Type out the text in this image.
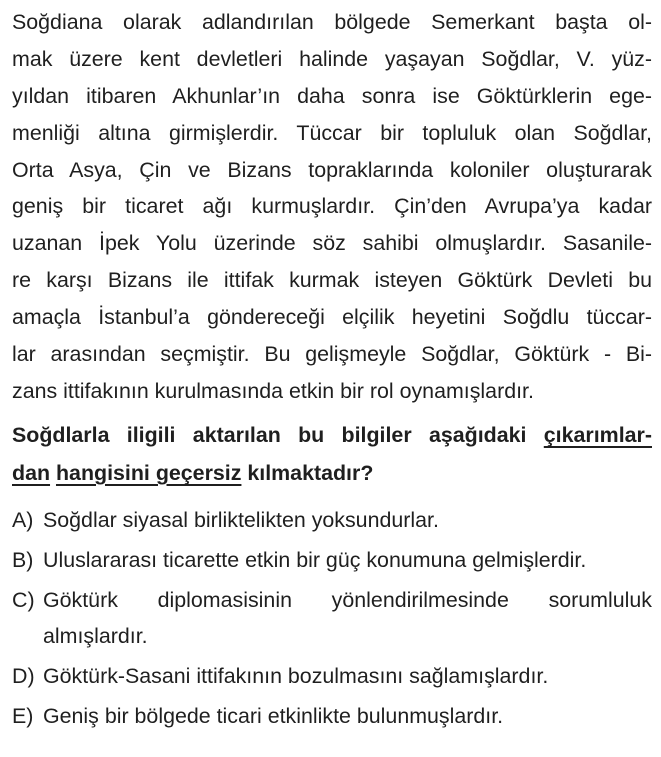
Soğdiana olarak adlandırılan bölgede Semerkant başta ol-
mak üzere kent devletleri halinde yaşayan Soğdlar, V. yüz-
yıldan itibaren Akhunlar’ın daha sonra ise Göktürklerin ege-
menliği altına girmişlerdir. Tüccar bir topluluk olan Soğdlar,
Orta Asya, Çin ve Bizans topraklarında koloniler oluşturarak
geniş bir ticaret ağı kurmuşlardır. Çin’den Avrupa’ya kadar
uzanan İpek Yolu üzerinde söz sahibi olmuşlardır. Sasanile-
re karşı Bizans ile ittifak kurmak isteyen Göktürk Devleti bu
amaçla İstanbul’a göndereceği elçilik heyetini Soğdlu tüccar-
lar arasından seçmiştir. Bu gelişmeyle Soğdlar, Göktürk - Bi-
zans ittifakının kurulmasında etkin bir rol oynamışlardır.
Soğdlarla iligili aktarılan bu bilgiler aşağıdaki çıkarımlar-
dan hangisini geçersiz kılmaktadır?
A) Soğdlar siyasal birliktelikten yoksundurlar.
B) Uluslararası ticarette etkin bir güç konumuna gelmişlerdir.
C) Göktürk diplomasisinin yönlendirilmesinde sorumluluk
almışlardır.
D) Göktürk-Sasani ittifakının bozulmasını sağlamışlardır.
E) Geniş bir bölgede ticari etkinlikte bulunmuşlardır.
